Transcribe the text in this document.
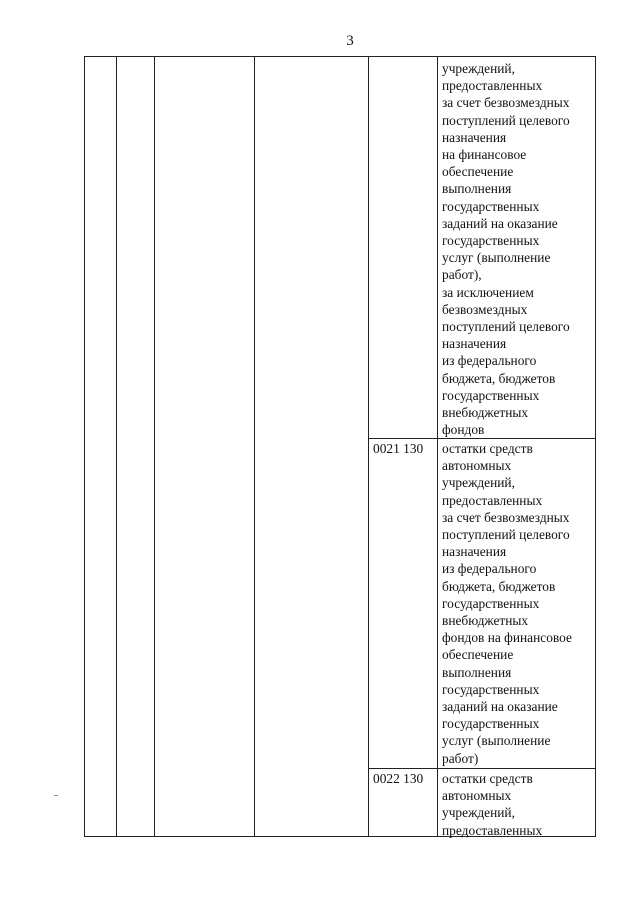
3
учреждений,
предоставленных
за счет безвозмездных
поступлений целевого
назначения
на финансовое
обеспечение
выполнения
государственных
заданий на оказание
государственных
услуг (выполнение
работ),
за исключением
безвозмездных
поступлений целевого
назначения
из федерального
бюджета, бюджетов
государственных
внебюджетных
фондов
0021 130	остатки средств
автономных
учреждений,
предоставленных
за счет безвозмездных
поступлений целевого
назначения
из федерального
бюджета, бюджетов
государственных
внебюджетных
фондов на финансовое
обеспечение
выполнения
государственных
заданий на оказание
государственных
услуг (выполнение
работ)
0022 130	остатки средств
автономных
учреждений,
предоставленных
